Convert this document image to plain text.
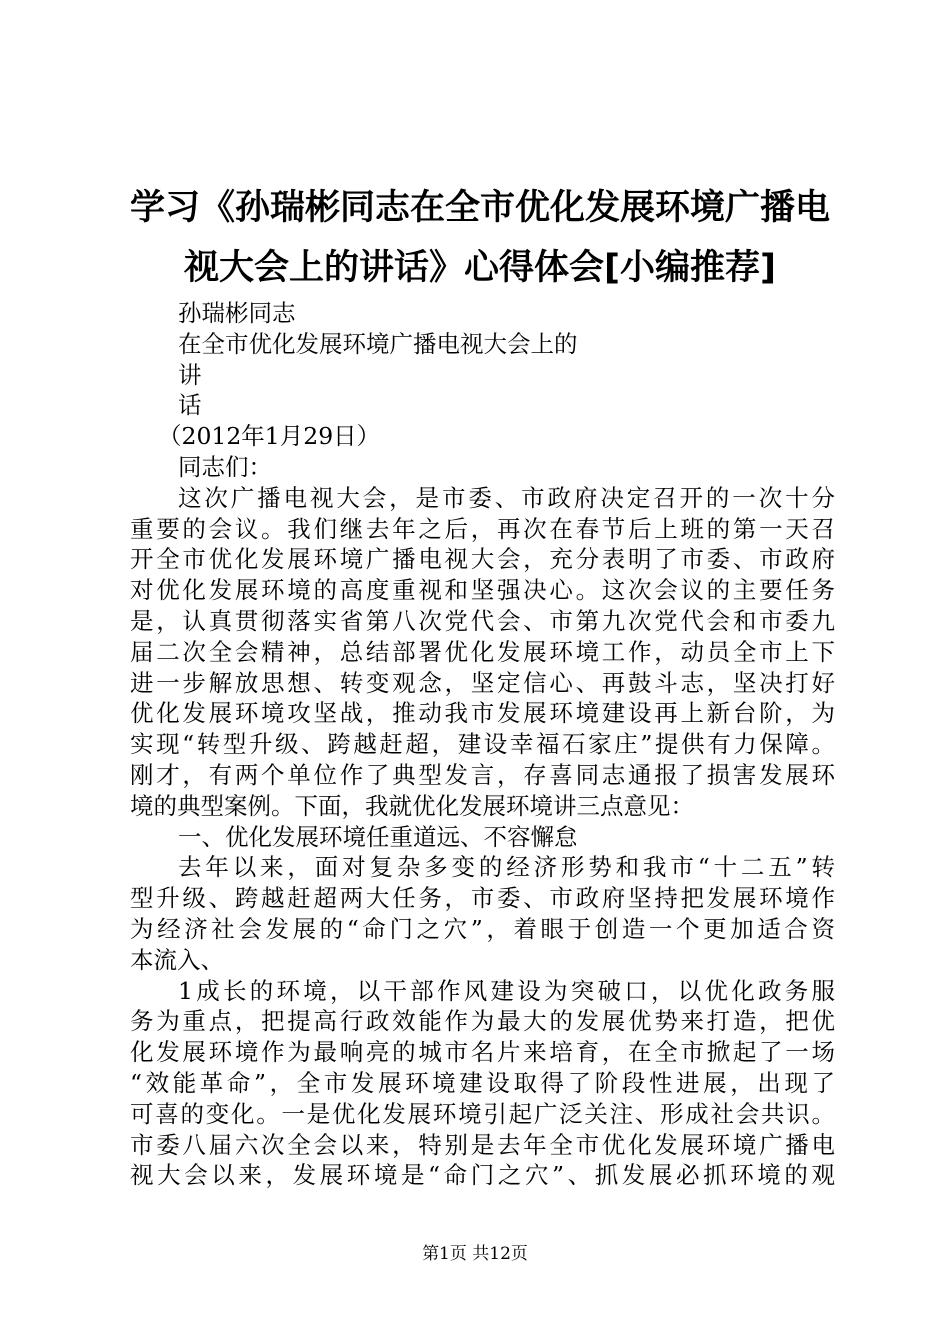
学习《孙瑞彬同志在全市优化发展环境广播电
视大会上的讲话》心得体会[小编推荐]
孙瑞彬同志
在全市优化发展环境广播电视大会上的
讲
话
（2012年1月29日）
同志们：
这次广播电视大会，是市委、市政府决定召开的一次十分
重要的会议。我们继去年之后，再次在春节后上班的第一天召
开全市优化发展环境广播电视大会，充分表明了市委、市政府
对优化发展环境的高度重视和坚强决心。这次会议的主要任务
是，认真贯彻落实省第八次党代会、市第九次党代会和市委九
届二次全会精神，总结部署优化发展环境工作，动员全市上下
进一步解放思想、转变观念，坚定信心、再鼓斗志，坚决打好
优化发展环境攻坚战，推动我市发展环境建设再上新台阶，为
实现“转型升级、跨越赶超，建设幸福石家庄”提供有力保障。
刚才，有两个单位作了典型发言，存喜同志通报了损害发展环
境的典型案例。下面，我就优化发展环境讲三点意见：
一、优化发展环境任重道远、不容懈怠
去年以来，面对复杂多变的经济形势和我市“十二五”转
型升级、跨越赶超两大任务，市委、市政府坚持把发展环境作
为经济社会发展的“命门之穴”，着眼于创造一个更加适合资
本流入、
1成长的环境，以干部作风建设为突破口，以优化政务服
务为重点，把提高行政效能作为最大的发展优势来打造，把优
化发展环境作为最响亮的城市名片来培育，在全市掀起了一场
“效能革命”，全市发展环境建设取得了阶段性进展，出现了
可喜的变化。一是优化发展环境引起广泛关注、形成社会共识。
市委八届六次全会以来，特别是去年全市优化发展环境广播电
视大会以来，发展环境是“命门之穴”、抓发展必抓环境的观
第1页 共12页
